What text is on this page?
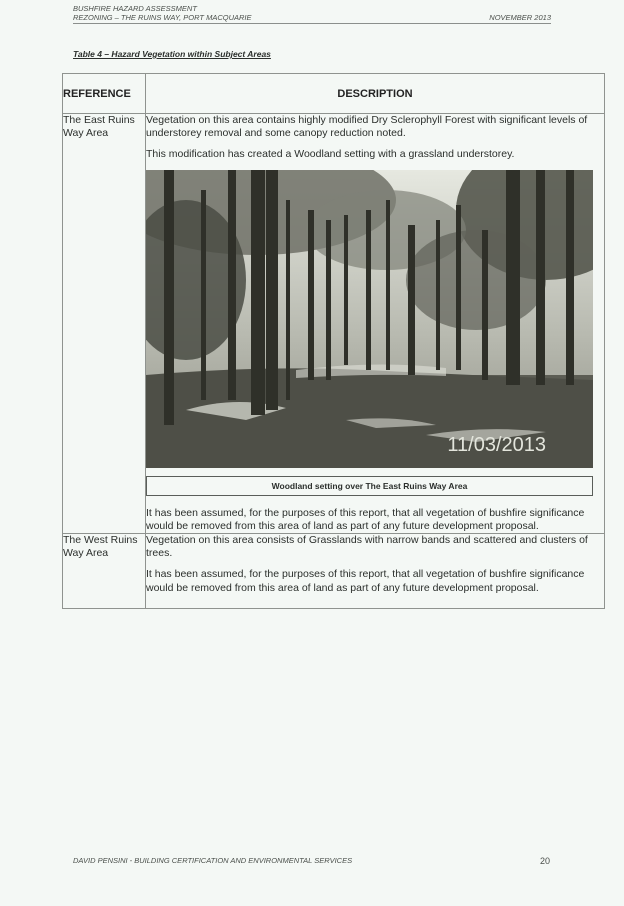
BUSHFIRE HAZARD ASSESSMENT
REZONING – THE RUINS WAY, PORT MACQUARIE	NOVEMBER 2013
Table 4 – Hazard Vegetation within Subject Areas
REFERENCE	DESCRIPTION
The East Ruins Way Area	Vegetation on this area contains highly modified Dry Sclerophyll Forest with significant levels of understorey removal and some canopy reduction noted.

This modification has created a Woodland setting with a grassland understorey.

11/03/2013
Woodland setting over The East Ruins Way Area

It has been assumed, for the purposes of this report, that all vegetation of bushfire significance would be removed from this area of land as part of any future development proposal.

The West Ruins Way Area	Vegetation on this area consists of Grasslands with narrow bands and scattered and clusters of trees.

It has been assumed, for the purposes of this report, that all vegetation of bushfire significance would be removed from this area of land as part of any future development proposal.

DAVID PENSINI - BUILDING CERTIFICATION AND ENVIRONMENTAL SERVICES	20
